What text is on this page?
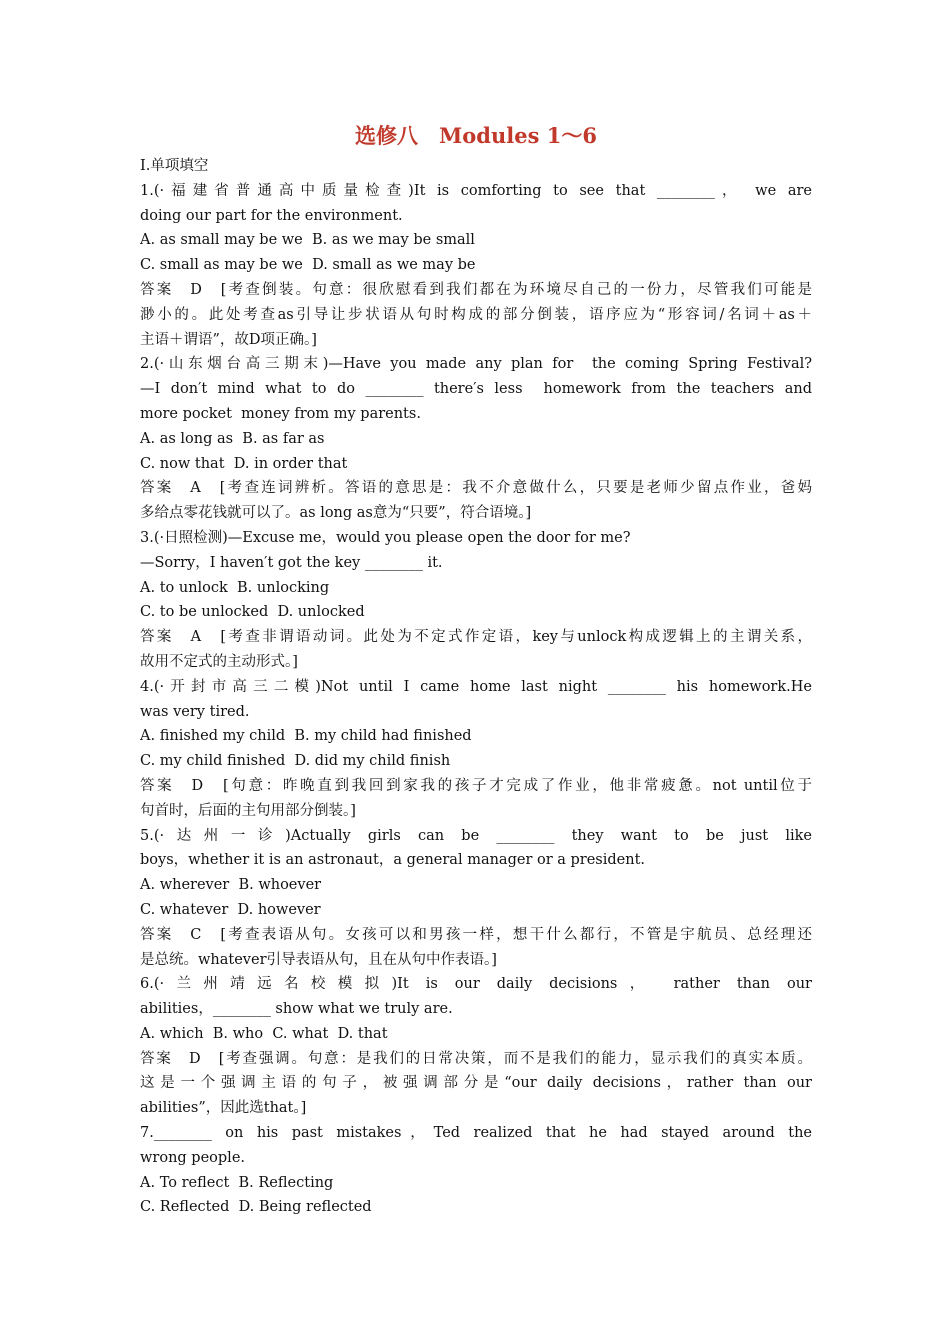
选修八　Modules 1～6
Ⅰ.单项填空
1.(·福建省普通高中质量检查)It is comforting to see that ________， we are
doing our part for the environment.
A. as small may be we  B. as we may be small
C. small as may be we  D. small as we may be
答案　D　[考查倒装。句意：很欣慰看到我们都在为环境尽自己的一份力，尽管我们可能是
渺小的。此处考查as引导让步状语从句时构成的部分倒装，语序应为“形容词/名词＋as＋
主语＋谓语”，故D项正确。]
2.(·山东烟台高三期末)—Have you made any plan for  the coming Spring Festival?
—I don′t mind what to do ________ there′s less  homework from the teachers and
more pocket  money from my parents.
A. as long as  B. as far as
C. now that  D. in order that
答案　A　[考查连词辨析。答语的意思是：我不介意做什么，只要是老师少留点作业，爸妈
多给点零花钱就可以了。as long as意为“只要”，符合语境。]
3.(·日照检测)—Excuse me，would you please open the door for me?
—Sorry，I haven′t got the key ________ it.
A. to unlock  B. unlocking
C. to be unlocked  D. unlocked
答案　A　[考查非谓语动词。此处为不定式作定语，key与unlock构成逻辑上的主谓关系，
故用不定式的主动形式。]
4.(·开封市高三二模)Not until I came home last night ________ his homework.He
was very tired.
A. finished my child  B. my child had finished
C. my child finished  D. did my child finish
答案　D　[句意：昨晚直到我回到家我的孩子才完成了作业，他非常疲惫。not until位于
句首时，后面的主句用部分倒装。]
5.(·达州一诊)Actually girls can be ________ they want to be just like
boys，whether it is an astronaut，a general manager or a president.
A. wherever  B. whoever
C. whatever  D. however
答案　C　[考查表语从句。女孩可以和男孩一样，想干什么都行，不管是宇航员、总经理还
是总统。whatever引导表语从句，且在从句中作表语。]
6.(·兰州靖远名校模拟)It is our daily decisions， rather than our
abilities，________ show what we truly are.
A. which  B. who  C. what  D. that
答案　D　[考查强调。句意：是我们的日常决策，而不是我们的能力，显示我们的真实本质。
这是一个强调主语的句子，被强调部分是“our daily decisions，rather than our
abilities”，因此选that。]
7.________ on his past mistakes，Ted realized that he had stayed around the
wrong people.
A. To reflect  B. Reflecting
C. Reflected  D. Being reflected
